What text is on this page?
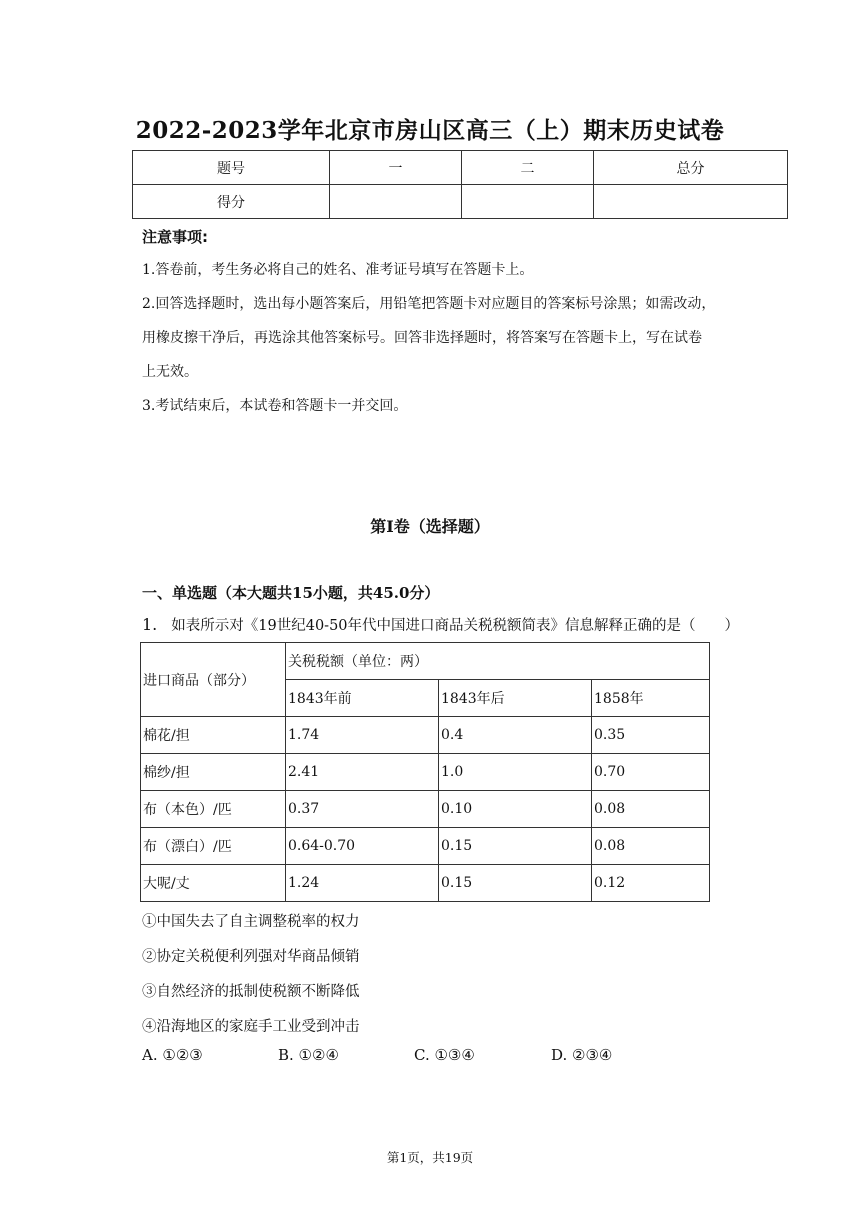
2022-2023学年北京市房山区高三（上）期末历史试卷
题号	一	二	总分
得分			
注意事项:
1.答卷前，考生务必将自己的姓名、准考证号填写在答题卡上。
2.回答选择题时，选出每小题答案后，用铅笔把答题卡对应题目的答案标号涂黑；如需改动，
用橡皮擦干净后，再选涂其他答案标号。回答非选择题时，将答案写在答题卡上，写在试卷
上无效。
3.考试结束后，本试卷和答题卡一并交回。
第I卷（选择题）
一、单选题（本大题共15小题，共45.0分）
1. 如表所示对《19世纪40-50年代中国进口商品关税税额简表》信息解释正确的是（　　）
进口商品（部分）	关税税额（单位：两）		
	1843年前	1843年后	1858年
棉花/担	1.74	0.4	0.35
棉纱/担	2.41	1.0	0.70
布（本色）/匹	0.37	0.10	0.08
布（漂白）/匹	0.64-0.70	0.15	0.08
大呢/丈	1.24	0.15	0.12
①中国失去了自主调整税率的权力
②协定关税便利列强对华商品倾销
③自然经济的抵制使税额不断降低
④沿海地区的家庭手工业受到冲击
A. ①②③	B. ①②④	C. ①③④	D. ②③④
第1页，共19页
